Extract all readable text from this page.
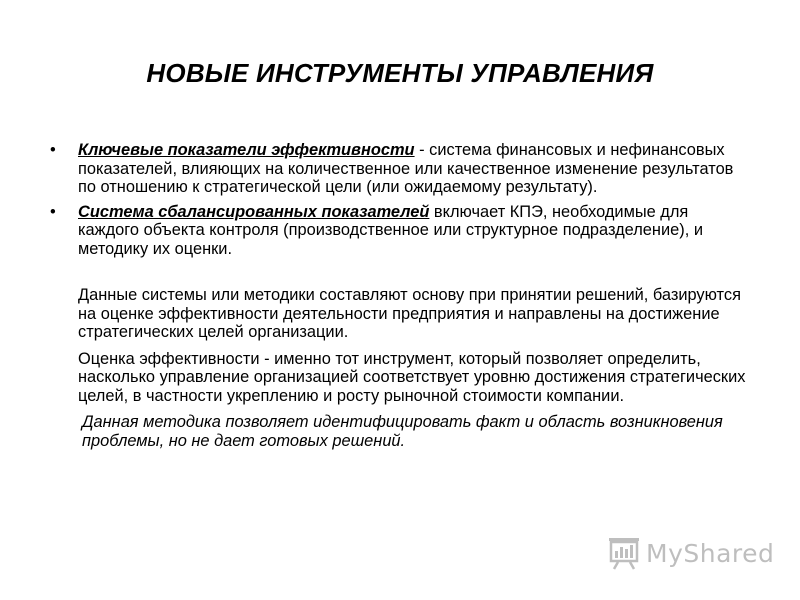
НОВЫЕ ИНСТРУМЕНТЫ УПРАВЛЕНИЯ
• Ключевые показатели эффективности - система финансовых и нефинансовых показателей, влияющих на количественное или качественное изменение результатов по отношению к стратегической цели (или ожидаемому результату).
• Система сбалансированных показателей включает КПЭ, необходимые для каждого объекта контроля (производственное или структурное подразделение), и методику их оценки.
Данные системы или методики составляют основу при принятии решений, базируются на оценке эффективности деятельности предприятия и направлены на достижение стратегических целей организации.
Оценка эффективности - именно тот инструмент, который позволяет определить, насколько управление организацией соответствует уровню достижения стратегических целей, в частности укреплению и росту рыночной стоимости компании.
Данная методика позволяет идентифицировать факт и область возникновения проблемы, но не дает готовых решений.
MyShared
